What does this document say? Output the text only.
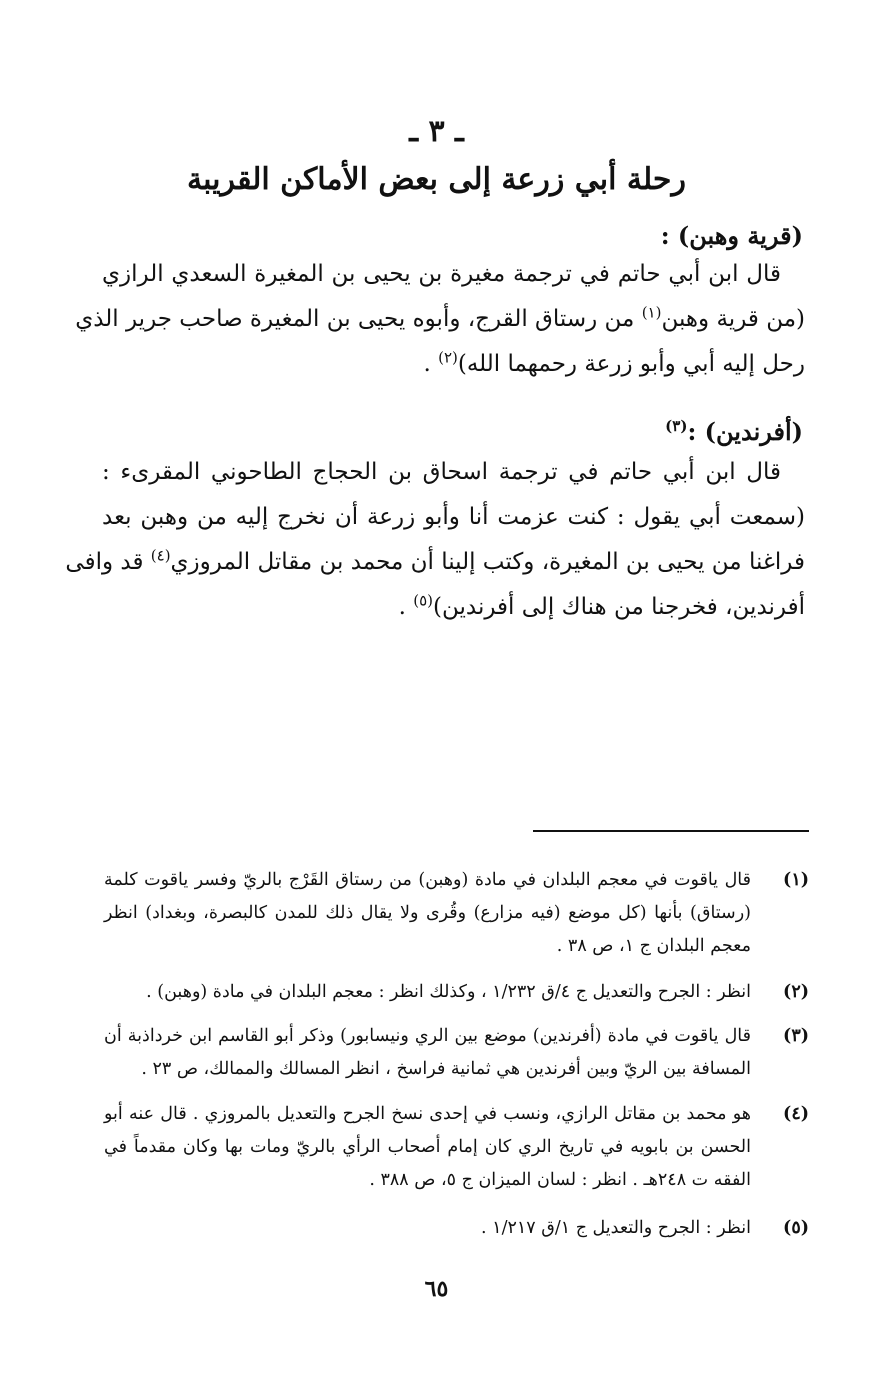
ـ ٣ ـ
رحلة أبي زرعة إلى بعض الأماكن القريبة
(قرية وهبن) :
قال ابن أبي حاتم في ترجمة مغيرة بن يحيى بن المغيرة السعدي الرازي
(من قرية وهبن$^{(١)}$ من رستاق القرج، وأبوه يحيى بن المغيرة صاحب جرير الذي
رحل إليه أبي وأبو زرعة رحمهما الله)$^{(٢)}$ .
(أفرندين) :$^{(٣)}$
قال ابن أبي حاتم في ترجمة اسحاق بن الحجاج الطاحوني المقرىء :
(سمعت أبي يقول : كنت عزمت أنا وأبو زرعة أن نخرج إليه من وهبن بعد
فراغنا من يحيى بن المغيرة، وكتب إلينا أن محمد بن مقاتل المروزي$^{(٤)}$ قد وافى
أفرندين، فخرجنا من هناك إلى أفرندين)$^{(٥)}$ .
(١)
قال ياقوت في معجم البلدان في مادة (وهبن) من رستاق القَرْج بالريّ وفسر ياقوت كلمة
(رستاق) بأنها (كل موضع (فيه مزارع) وقُرى ولا يقال ذلك للمدن كالبصرة، وبغداد) انظر
معجم البلدان ج ١، ص ٣٨ .
(٢)
انظر : الجرح والتعديل ج ٤/ق ١/٢٣٢ ، وكذلك انظر : معجم البلدان في مادة (وهبن) .
(٣)
قال ياقوت في مادة (أفرندين) موضع بين الري ونيسابور) وذكر أبو القاسم ابن خرداذبة أن
المسافة بين الريّ وبين أفرندين هي ثمانية فراسخ ، انظر المسالك والممالك، ص ٢٣ .
(٤)
هو محمد بن مقاتل الرازي، ونسب في إحدى نسخ الجرح والتعديل بالمروزي . قال عنه أبو
الحسن بن بابويه في تاريخ الري كان إمام أصحاب الرأي بالريّ ومات بها وكان مقدماً في
الفقه ت ٢٤٨هـ . انظر : لسان الميزان ج ٥، ص ٣٨٨ .
(٥)
انظر : الجرح والتعديل ج ١/ق ١/٢١٧ .
٦٥
